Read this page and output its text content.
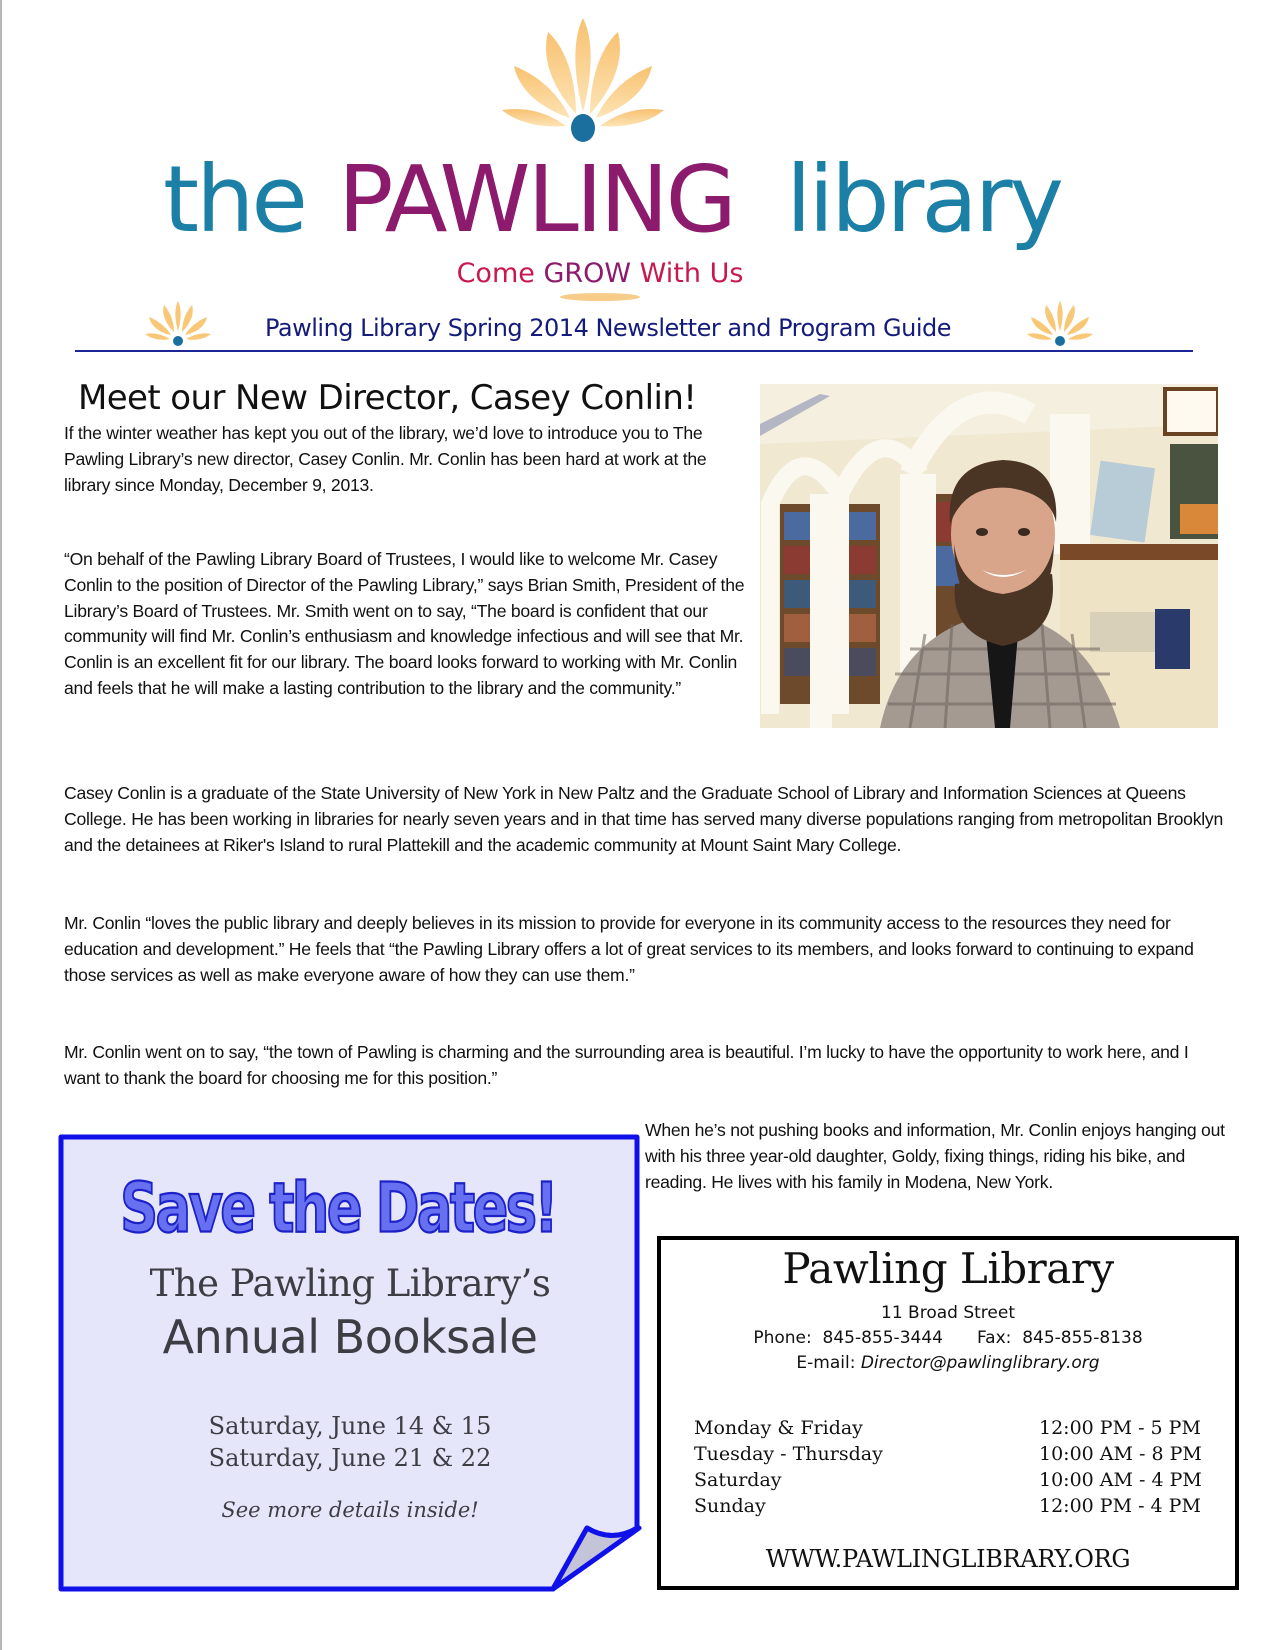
the PAWLING library
Come GROW With Us
Pawling Library Spring 2014 Newsletter and Program Guide
Meet our New Director, Casey Conlin!

If the winter weather has kept you out of the library, we’d love to introduce you to The Pawling Library’s new director, Casey Conlin. Mr. Conlin has been hard at work at the library since Monday, December 9, 2013.

“On behalf of the Pawling Library Board of Trustees, I would like to welcome Mr. Casey Conlin to the position of Director of the Pawling Library,” says Brian Smith, President of the Library’s Board of Trustees. Mr. Smith went on to say, “The board is confident that our community will find Mr. Conlin’s enthusiasm and knowledge infectious and will see that Mr. Conlin is an excellent fit for our library. The board looks forward to working with Mr. Conlin and feels that he will make a lasting contribution to the library and the community.”

Casey Conlin is a graduate of the State University of New York in New Paltz and the Graduate School of Library and Information Sciences at Queens College. He has been working in libraries for nearly seven years and in that time has served many diverse populations ranging from metropolitan Brooklyn and the detainees at Riker's Island to rural Plattekill and the academic community at Mount Saint Mary College.

Mr. Conlin “loves the public library and deeply believes in its mission to provide for everyone in its community access to the resources they need for education and development.” He feels that “the Pawling Library offers a lot of great services to its members, and looks forward to continuing to expand those services as well as make everyone aware of how they can use them.”

Mr. Conlin went on to say, “the town of Pawling is charming and the surrounding area is beautiful. I’m lucky to have the opportunity to work here, and I want to thank the board for choosing me for this position.”

When he’s not pushing books and information, Mr. Conlin enjoys hanging out with his three year-old daughter, Goldy, fixing things, riding his bike, and reading. He lives with his family in Modena, New York.

Save the Dates!
The Pawling Library’s
Annual Booksale
Saturday, June 14 & 15
Saturday, June 21 & 22
See more details inside!
Pawling Library
11 Broad Street
Phone: 845-855-3444 Fax: 845-855-8138
E-mail: Director@pawlinglibrary.org
Monday & Friday	12:00 PM - 5 PM
Tuesday - Thursday	10:00 AM - 8 PM
Saturday	10:00 AM - 4 PM
Sunday	12:00 PM - 4 PM
WWW.PAWLINGLIBRARY.ORG
